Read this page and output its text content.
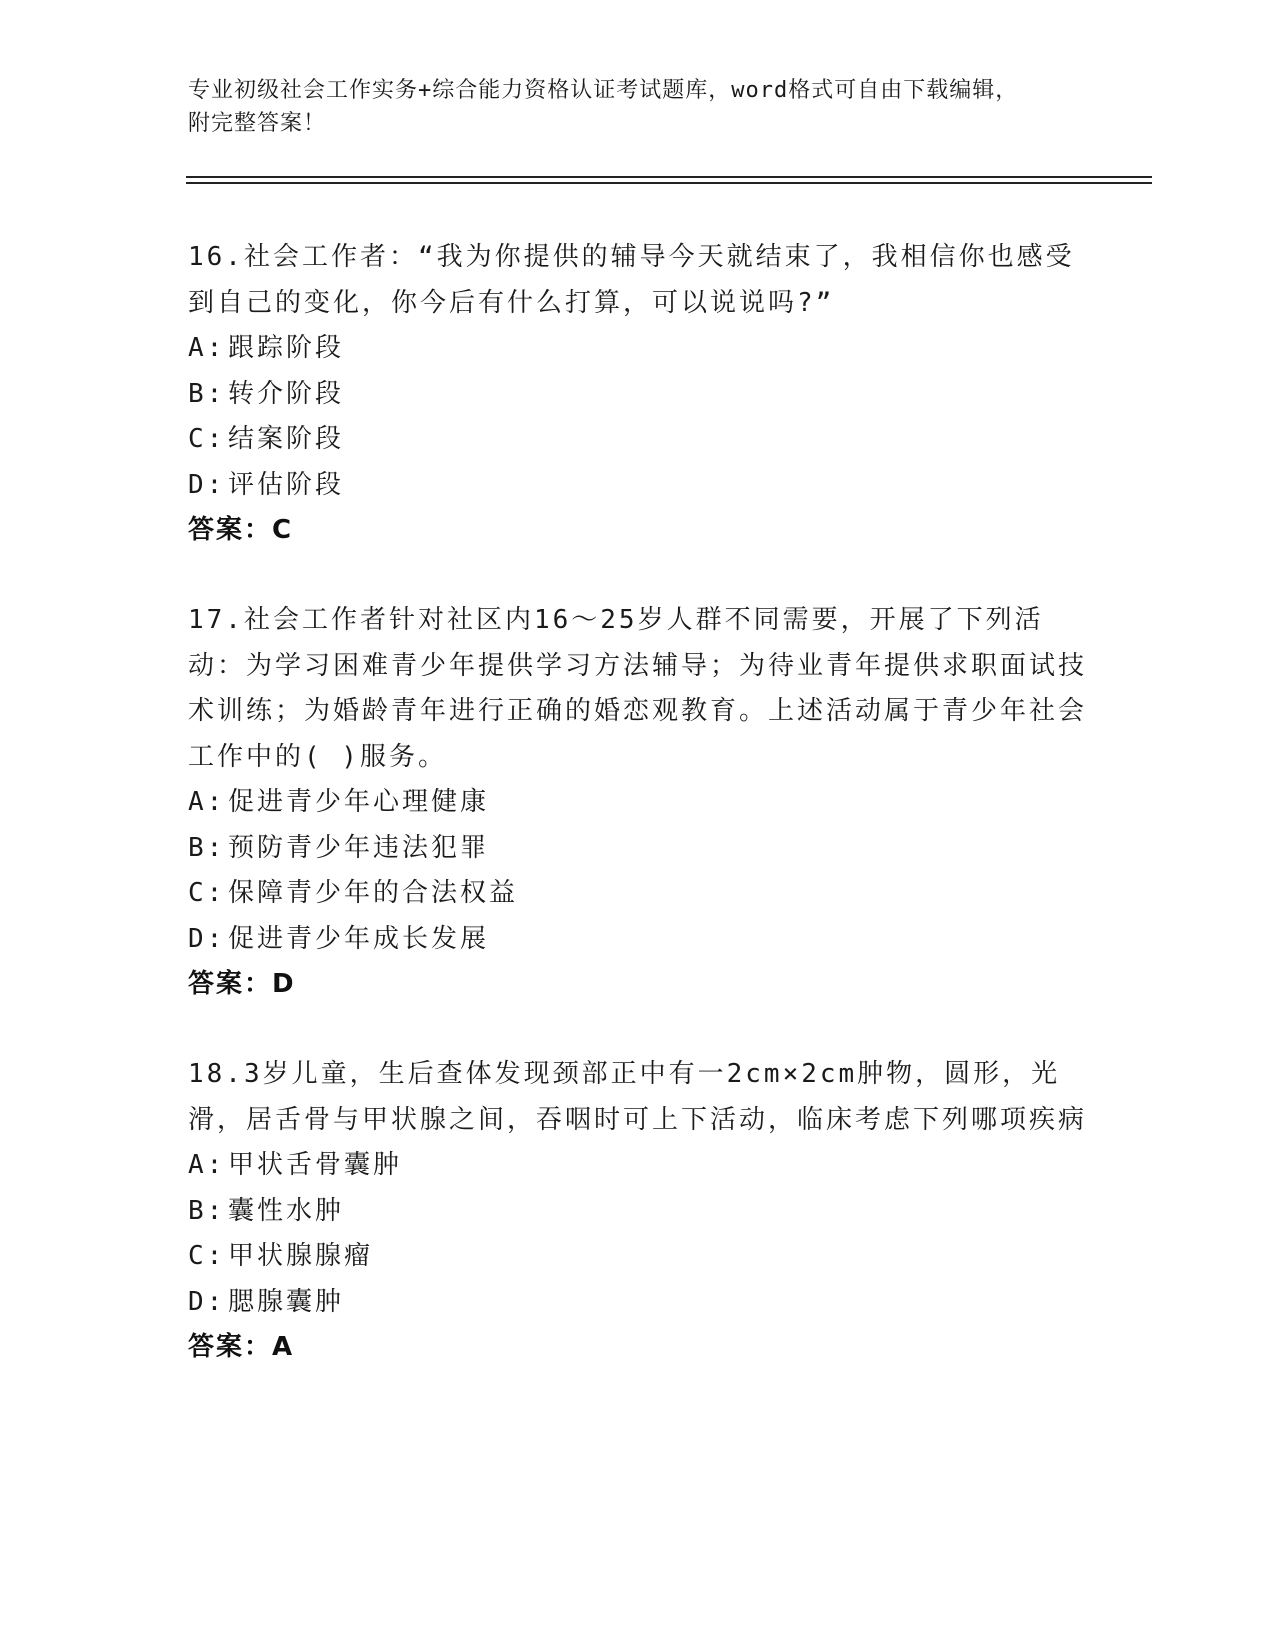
专业初级社会工作实务+综合能力资格认证考试题库，word格式可自由下载编辑，
附完整答案！

16.社会工作者：“我为你提供的辅导今天就结束了，我相信你也感受到自己的变化，你今后有什么打算，可以说说吗?”

A: 跟踪阶段

B: 转介阶段

C: 结案阶段

D: 评估阶段

答案：C

17.社会工作者针对社区内16～25岁人群不同需要，开展了下列活动：为学习困难青少年提供学习方法辅导；为待业青年提供求职面试技术训练；为婚龄青年进行正确的婚恋观教育。上述活动属于青少年社会工作中的( )服务。

A: 促进青少年心理健康

B: 预防青少年违法犯罪

C: 保障青少年的合法权益

D: 促进青少年成长发展

答案：D

18.3岁儿童，生后查体发现颈部正中有一2cm×2cm肿物，圆形，光滑，居舌骨与甲状腺之间，吞咽时可上下活动，临床考虑下列哪项疾病

A: 甲状舌骨囊肿

B: 囊性水肿

C: 甲状腺腺瘤

D: 腮腺囊肿

答案：A
